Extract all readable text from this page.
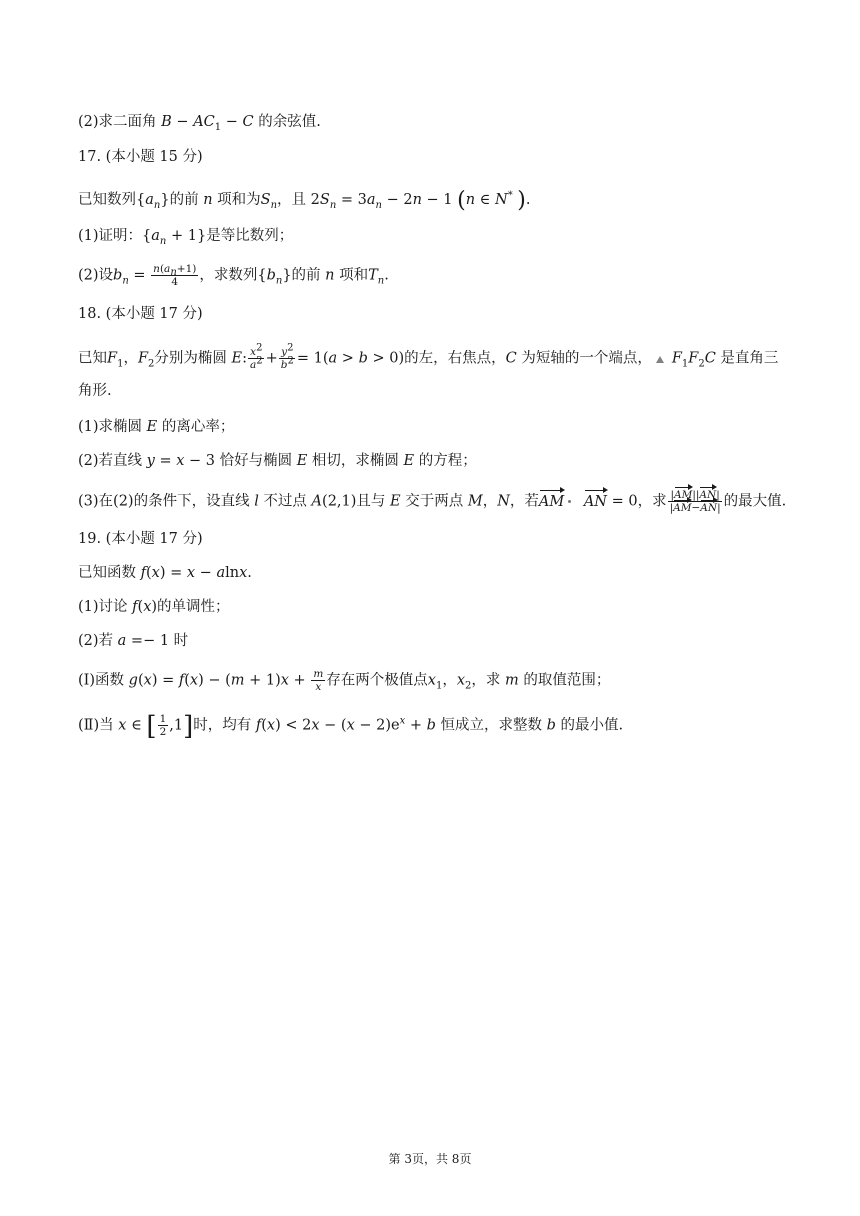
(2)求二面角 $B - AC_1 - C$ 的余弦值.
17. (本小题 15 分)
已知数列$\{a_n\}$的前 n 项和为$S_n$，且 $2S_n = 3a_n - 2n - 1$ (n ∈ N* ).
(1)证明：$\{a_n + 1\}$是等比数列；
(2)设$b_n = \frac{n(a_n+1)}{4}$ ，求数列$\{b_n\}$的前 n 项和$T_n$.
18. (本小题 17 分)
已知$F_1$，$F_2$分别为椭圆 E: $\frac{x^2}{a^2} + \frac{y^2}{b^2} = 1(a > b > 0)$的左，右焦点，C 为短轴的一个端点， $F_1F_2C$ 是直角三
角形.
(1)求椭圆 E 的离心率；
(2)若直线 y = x − 3 恰好与椭圆 E 相切，求椭圆 E 的方程；
(3)在(2)的条件下，设直线 l 不过点 A(2,1)且与 E 交于两点 M，N，若AM AN = 0，求 $\frac{|AM||AN|}{|AM-AN|}$ 的最大值.
19. (本小题 17 分)
已知函数 f(x) = x − alnx.
(1)讨论 f(x)的单调性；
(2)若 a =− 1 时
(Ⅰ)函数 $g(x) = f(x) - (m + 1)x + \frac{m}{x}$ 存在两个极值点$x_1$，$x_2$，求 m 的取值范围；
(Ⅱ)当 x ∈ [ $\frac{1}{2} ,1$]时，均有 $f(x) < 2x - (x - 2)e^x + b$ 恒成立，求整数 b 的最小值.
第 3页，共 8页
